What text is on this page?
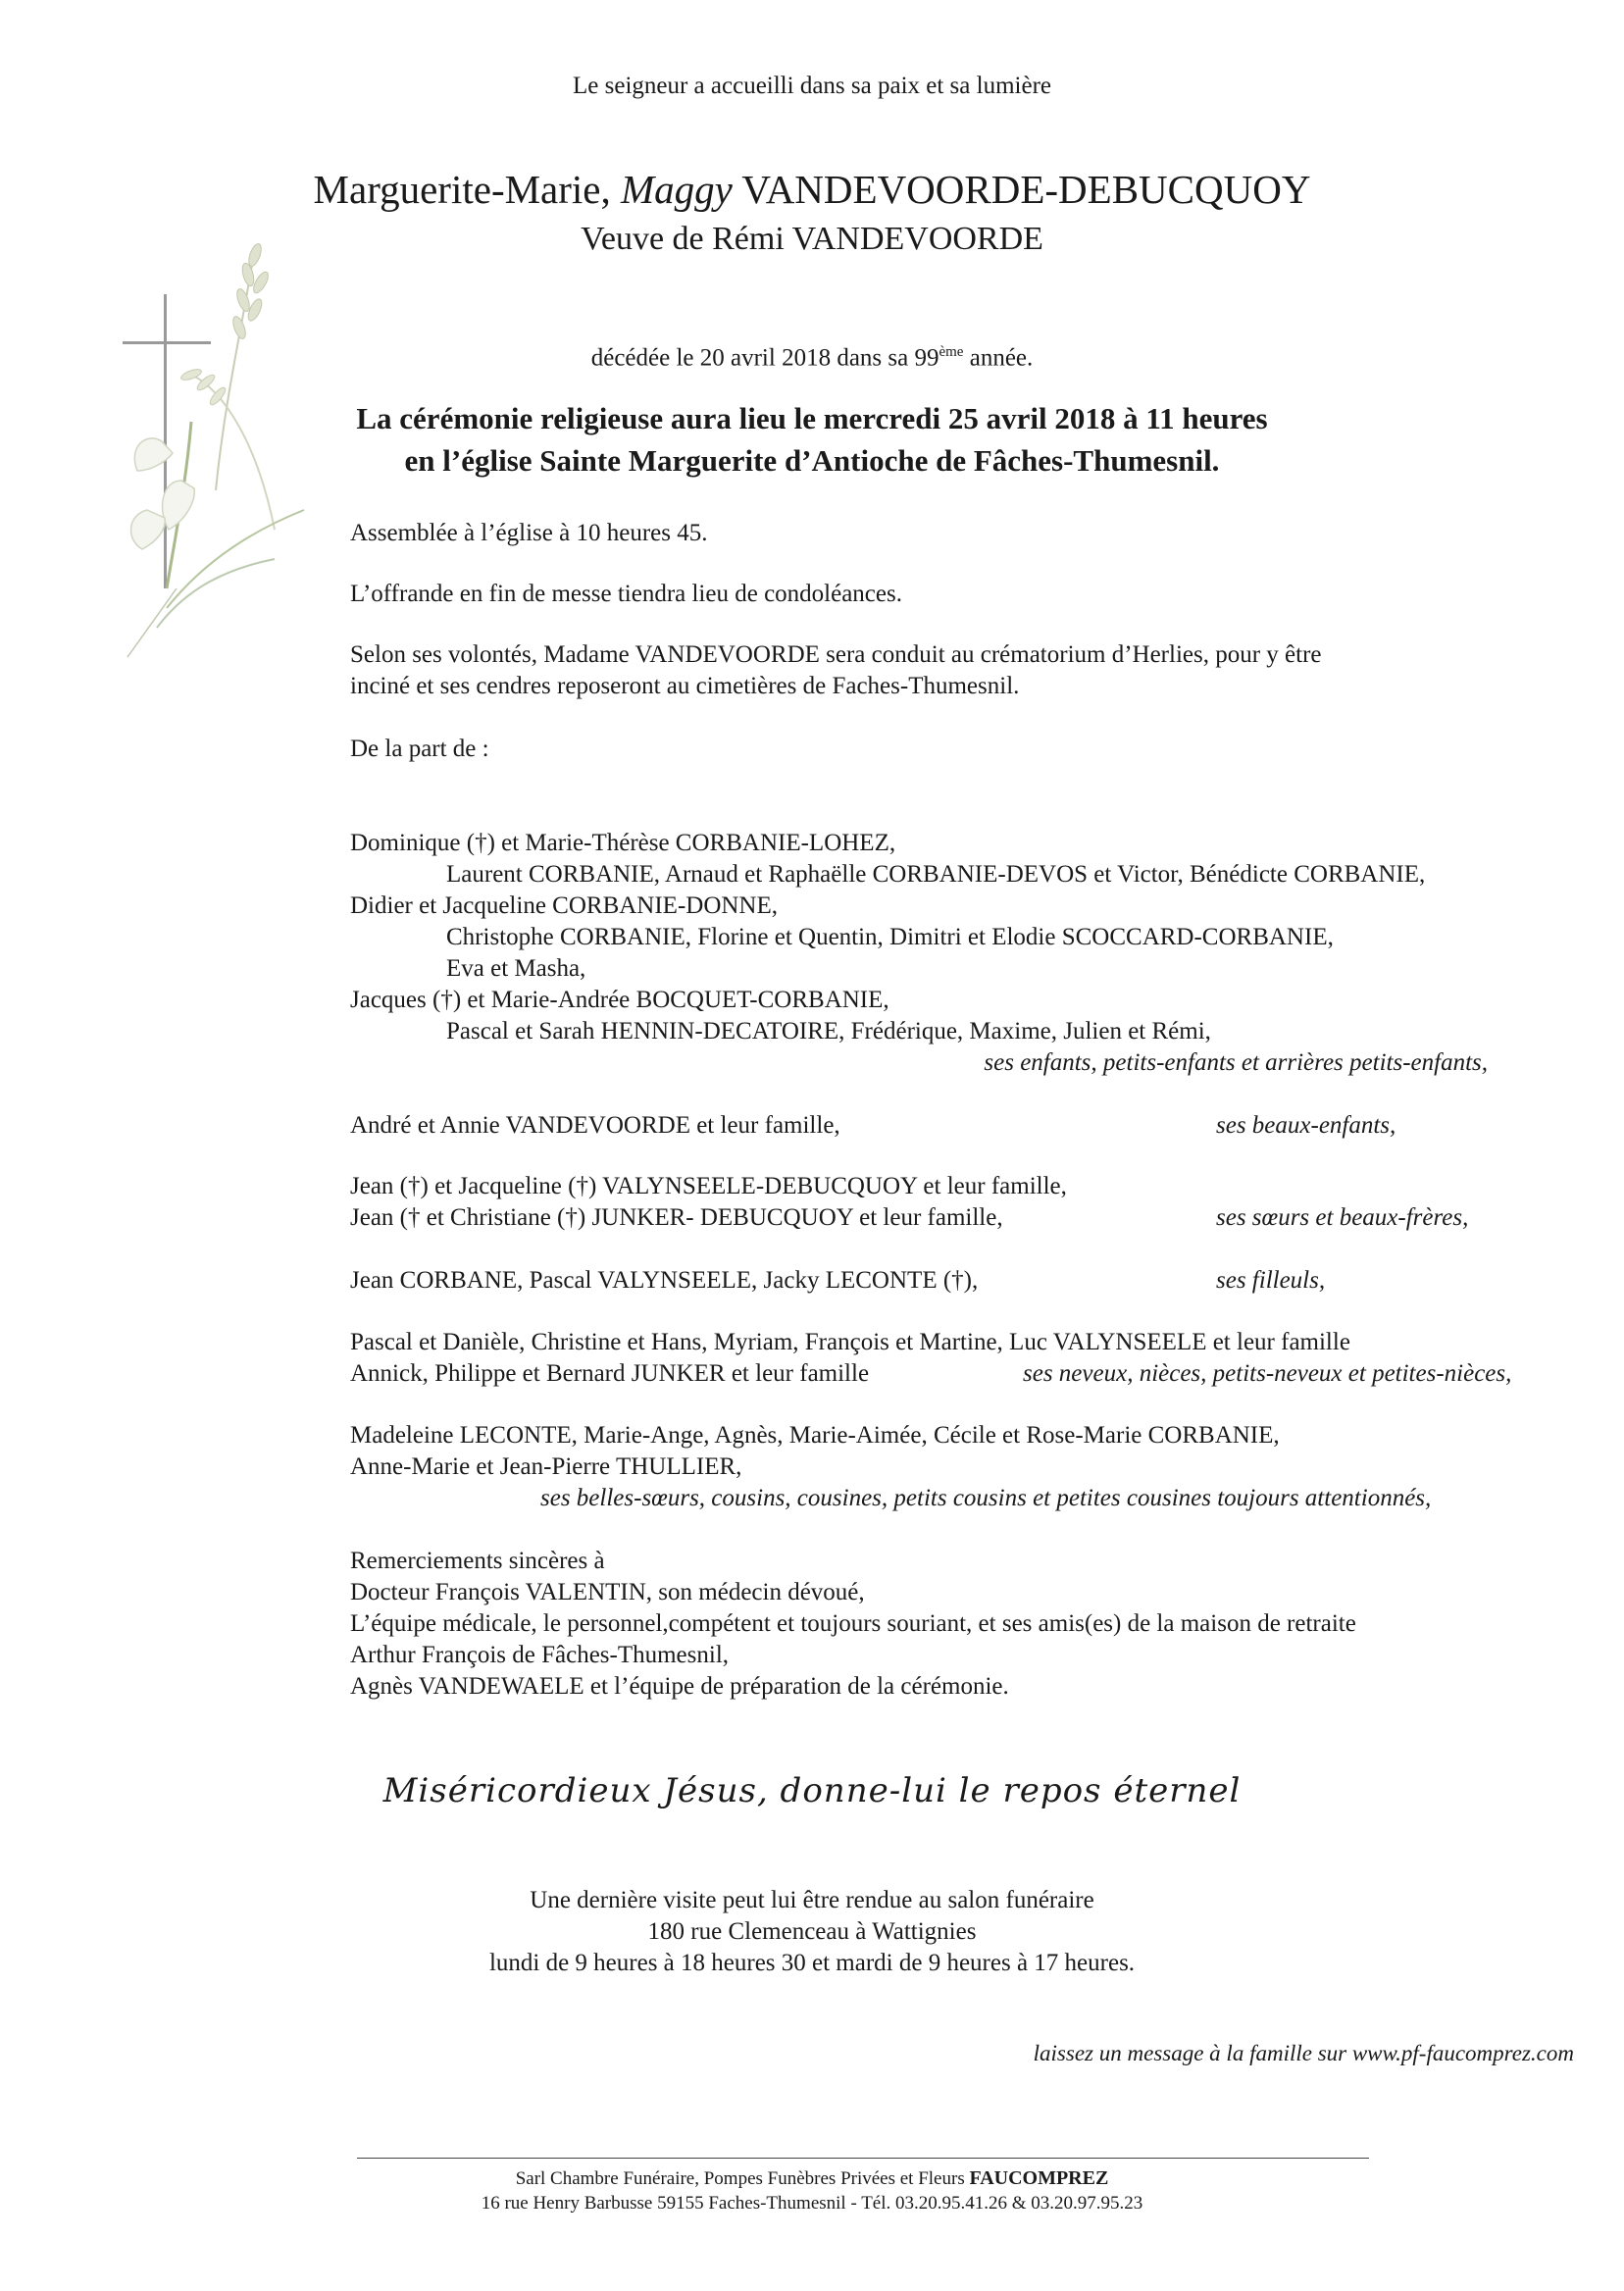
Le seigneur a accueilli dans sa paix et sa lumière
Marguerite-Marie, Maggy VANDEVOORDE-DEBUCQUOY
Veuve de Rémi VANDEVOORDE
décédée le 20 avril 2018 dans sa 99ème année.
La cérémonie religieuse aura lieu le mercredi 25 avril 2018 à 11 heures
en l’église Sainte Marguerite d’Antioche de Fâches-Thumesnil.
Assemblée à l’église à 10 heures 45.
L’offrande en fin de messe tiendra lieu de condoléances.
Selon ses volontés, Madame VANDEVOORDE sera conduit au crématorium d’Herlies, pour y être
inciné et ses cendres reposeront au cimetières de Faches-Thumesnil.
De la part de :
Dominique (†) et Marie-Thérèse CORBANIE-LOHEZ,
Laurent CORBANIE, Arnaud et Raphaëlle CORBANIE-DEVOS et Victor, Bénédicte CORBANIE,
Didier et Jacqueline CORBANIE-DONNE,
Christophe CORBANIE, Florine et Quentin, Dimitri et Elodie SCOCCARD-CORBANIE,
Eva et Masha,
Jacques (†) et Marie-Andrée BOCQUET-CORBANIE,
Pascal et Sarah HENNIN-DECATOIRE, Frédérique, Maxime, Julien et Rémi,
ses enfants, petits-enfants et arrières petits-enfants,
André et Annie VANDEVOORDE et leur famille,	ses beaux-enfants,
Jean (†) et Jacqueline (†) VALYNSEELE-DEBUCQUOY et leur famille,
Jean († et Christiane (†) JUNKER- DEBUCQUOY et leur famille,	ses sœurs et beaux-frères,
Jean CORBANE, Pascal VALYNSEELE, Jacky LECONTE (†),	ses filleuls,
Pascal et Danièle, Christine et Hans, Myriam, François et Martine, Luc VALYNSEELE et leur famille
Annick, Philippe et Bernard JUNKER et leur famille	ses neveux, nièces, petits-neveux et petites-nièces,
Madeleine LECONTE, Marie-Ange, Agnès, Marie-Aimée, Cécile et Rose-Marie CORBANIE,
Anne-Marie et Jean-Pierre THULLIER,
ses belles-sœurs, cousins, cousines, petits cousins et petites cousines toujours attentionnés,
Remerciements sincères à
Docteur François VALENTIN, son médecin dévoué,
L’équipe médicale, le personnel,compétent et toujours souriant, et ses amis(es) de la maison de retraite
Arthur François de Fâches-Thumesnil,
Agnès VANDEWAELE et l’équipe de préparation de la cérémonie.
Miséricordieux Jésus, donne-lui le repos éternel
Une dernière visite peut lui être rendue au salon funéraire
180 rue Clemenceau à Wattignies
lundi de 9 heures à 18 heures 30 et mardi de 9 heures à 17 heures.
laissez un message à la famille sur www.pf-faucomprez.com
Sarl Chambre Funéraire, Pompes Funèbres Privées et Fleurs FAUCOMPREZ
16 rue Henry Barbusse 59155 Faches-Thumesnil - Tél. 03.20.95.41.26 & 03.20.97.95.23
